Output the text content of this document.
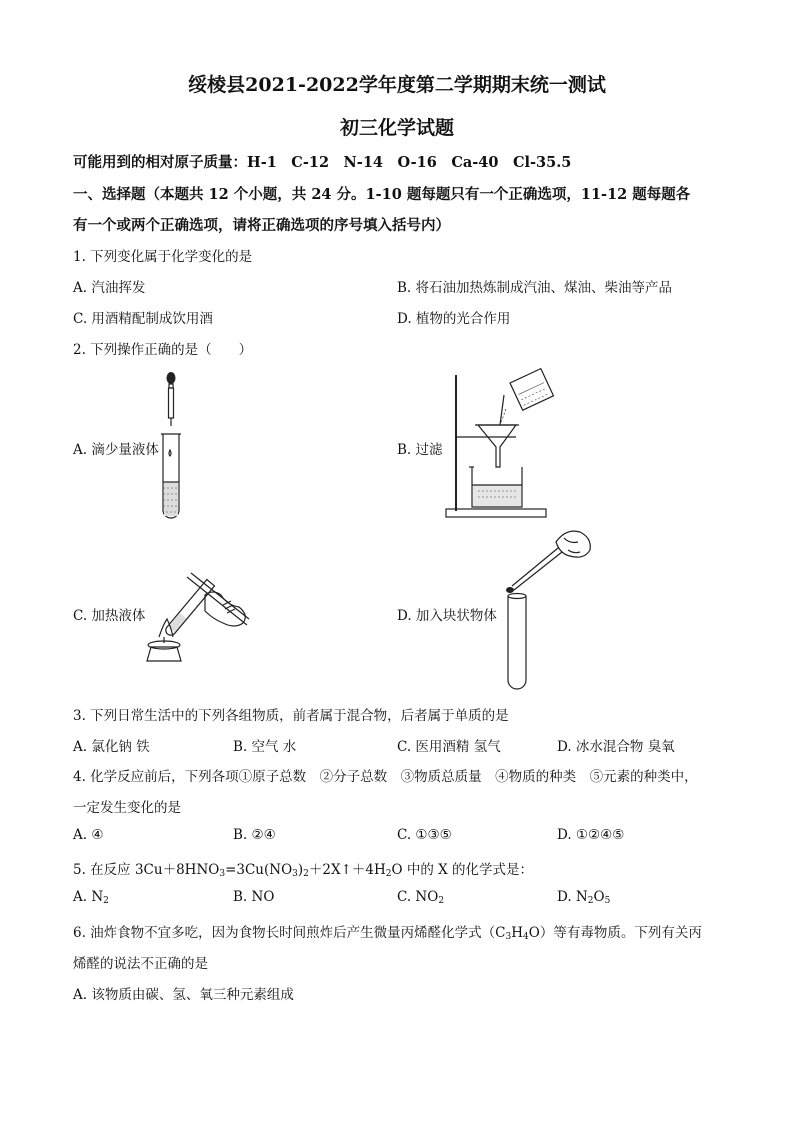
绥棱县2021-2022学年度第二学期期末统一测试
初三化学试题
可能用到的相对原子质量：H-1　C-12　N-14　O-16　Ca-40　Cl-35.5
一、选择题（本题共 12 个小题，共 24 分。1-10 题每题只有一个正确选项，11-12 题每题各
有一个或两个正确选项，请将正确选项的序号填入括号内）
1. 下列变化属于化学变化的是
A. 汽油挥发	B. 将石油加热炼制成汽油、煤油、柴油等产品
C. 用酒精配制成饮用酒	D. 植物的光合作用
2. 下列操作正确的是（　　）
A. 滴少量液体	B. 过滤
C. 加热液体	D. 加入块状物体
3. 下列日常生活中的下列各组物质，前者属于混合物，后者属于单质的是
A. 氯化钠 铁	B. 空气 水	C. 医用酒精 氢气	D. 冰水混合物 臭氧
4. 化学反应前后，下列各项①原子总数　②分子总数　③物质总质量　④物质的种类　⑤元素的种类中，
一定发生变化的是
A. ④	B. ②④	C. ①③⑤	D. ①②④⑤
5. 在反应 $3Cu+8HNO_3=3Cu(NO_3)_2+2X↑+4H_2O$ 中的 X 的化学式是：
A. $N_2$	B. NO	C. $NO_2$	D. $N_2O_5$
6. 油炸食物不宜多吃，因为食物长时间煎炸后产生微量丙烯醛化学式$(C_3H_4O)$等有毒物质。下列有关丙
烯醛的说法不正确的是
A. 该物质由碳、氢、氧三种元素组成
